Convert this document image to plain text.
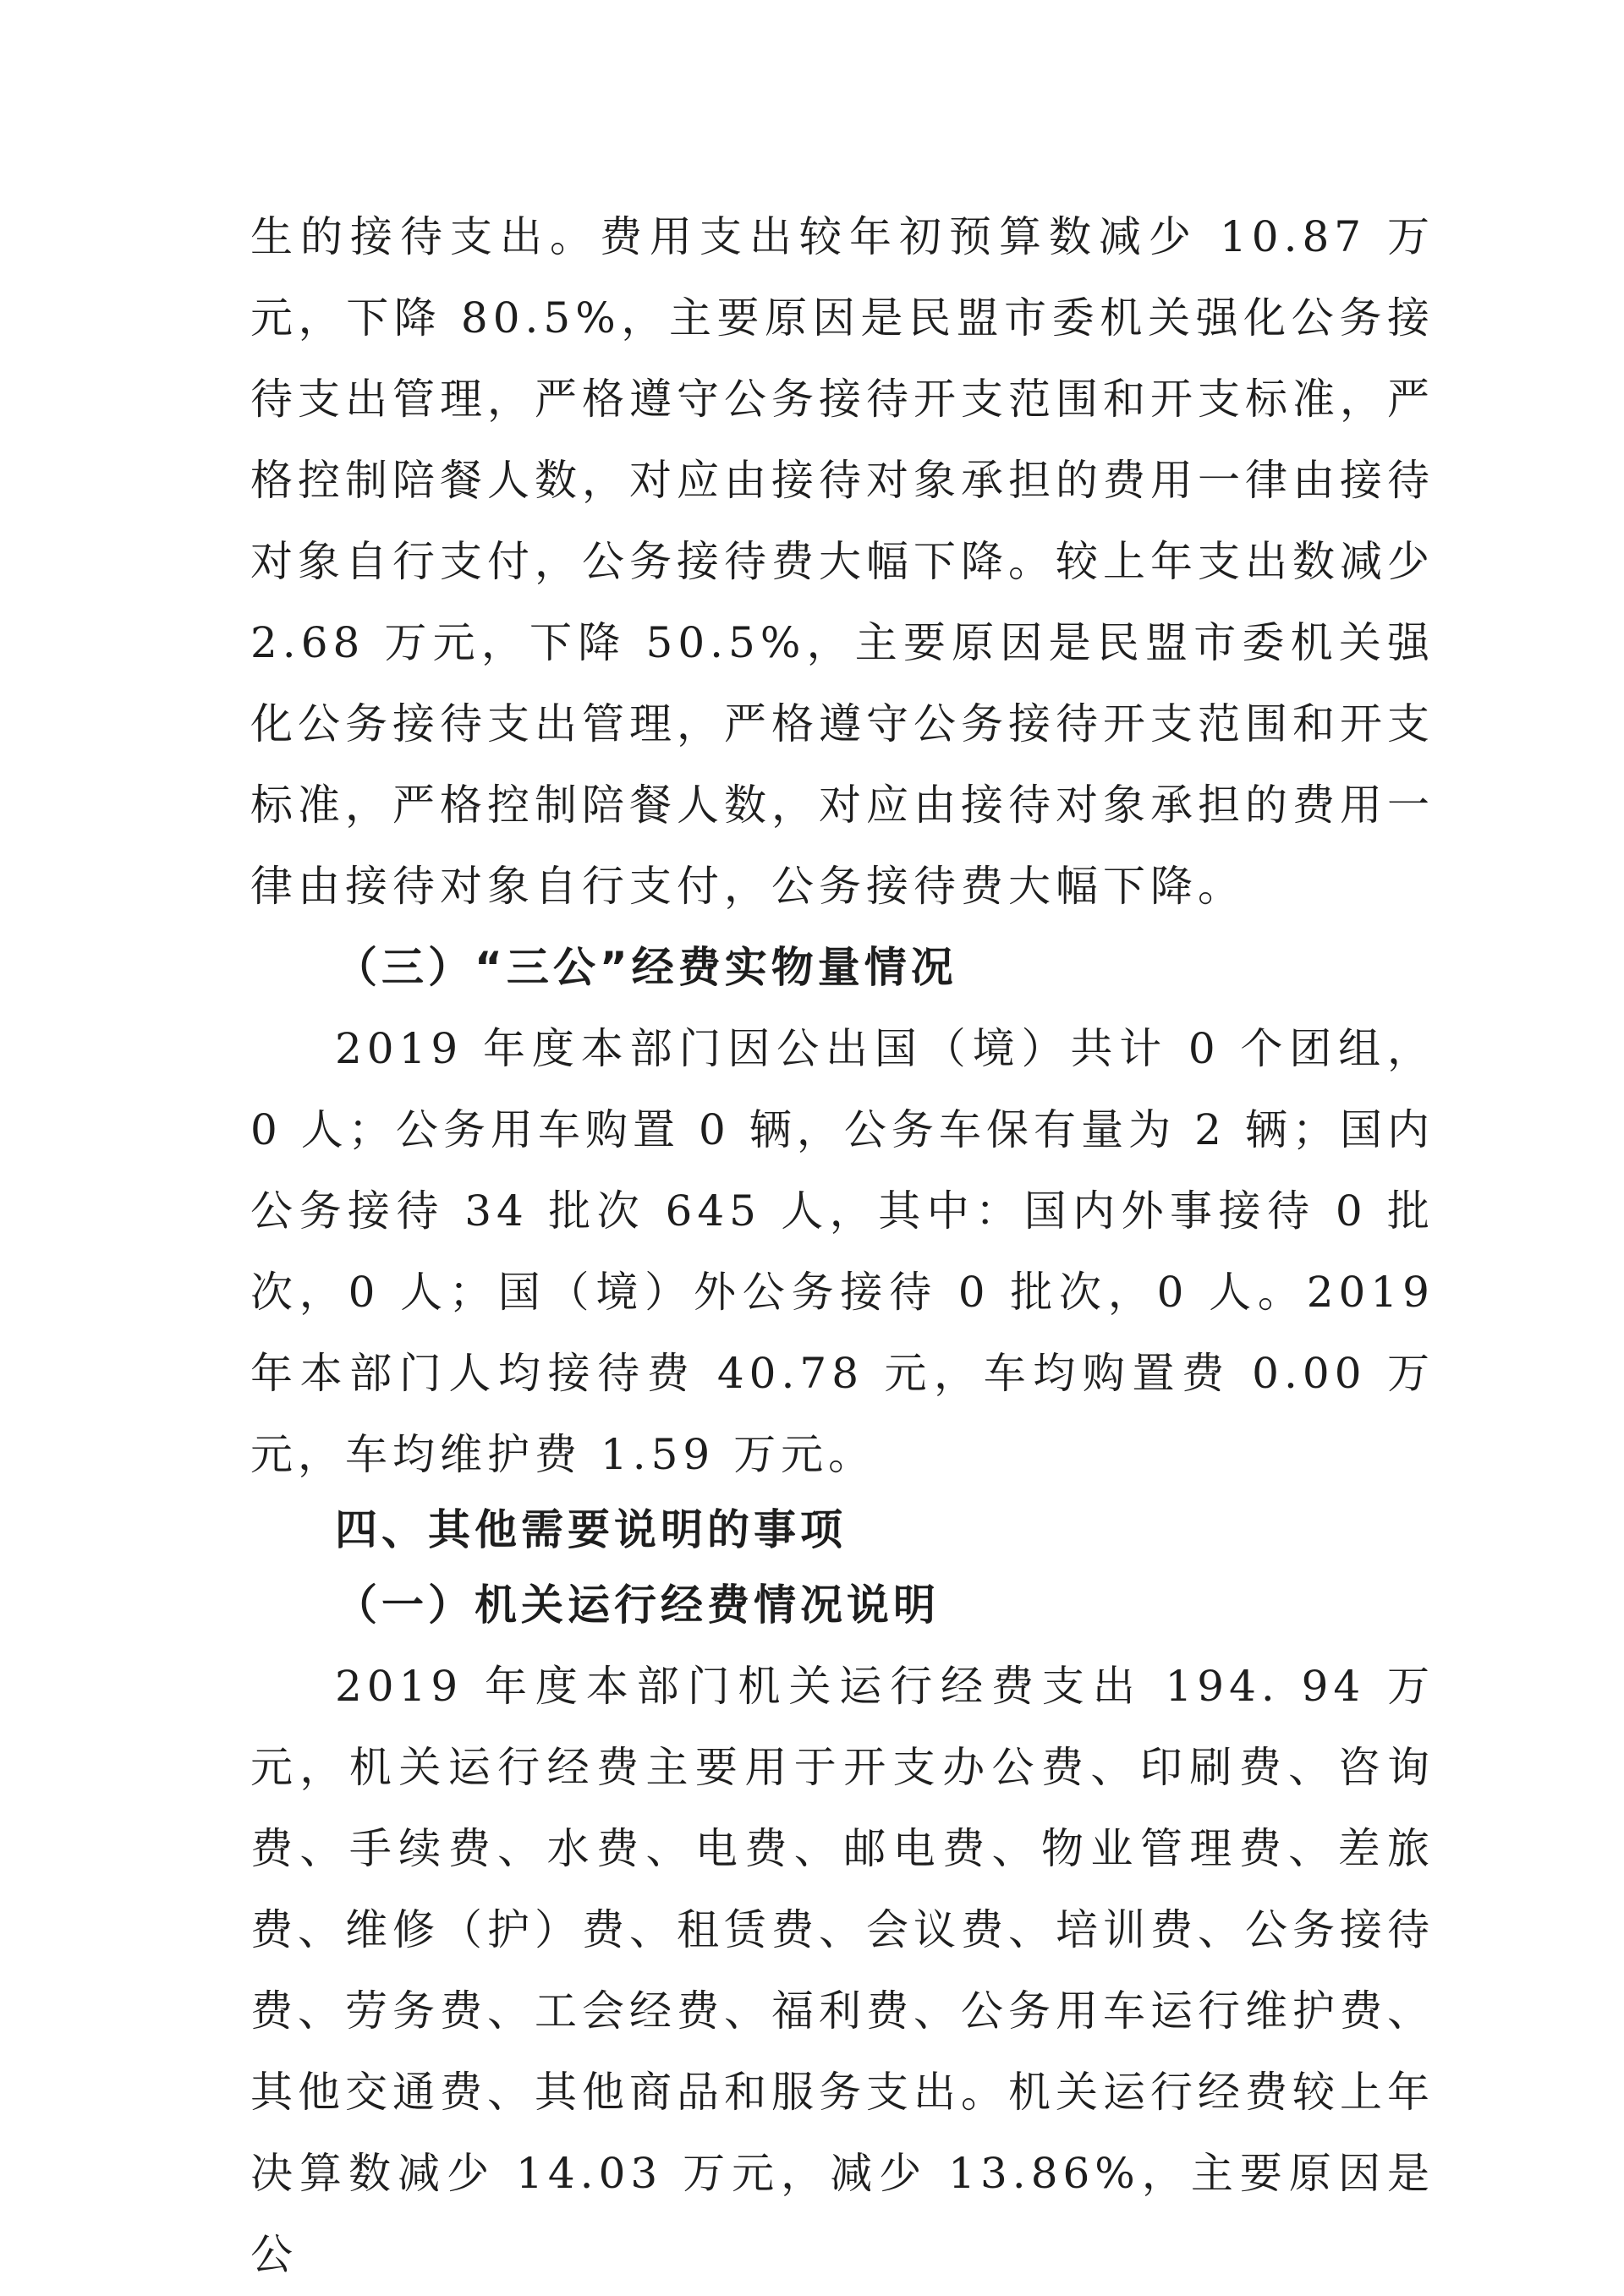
生的接待支出。费用支出较年初预算数减少 10.87 万元，下降 80.5%，主要原因是民盟市委机关强化公务接待支出管理，严格遵守公务接待开支范围和开支标准，严格控制陪餐人数，对应由接待对象承担的费用一律由接待对象自行支付，公务接待费大幅下降。较上年支出数减少 2.68 万元，下降 50.5%，主要原因是民盟市委机关强化公务接待支出管理，严格遵守公务接待开支范围和开支标准，严格控制陪餐人数，对应由接待对象承担的费用一律由接待对象自行支付，公务接待费大幅下降。

（三）“三公”经费实物量情况

2019 年度本部门因公出国（境）共计 0 个团组，0 人；公务用车购置 0 辆，公务车保有量为 2 辆；国内公务接待 34 批次 645 人，其中：国内外事接待 0 批次，0 人；国（境）外公务接待 0 批次，0 人。2019 年本部门人均接待费 40.78 元，车均购置费 0.00 万元，车均维护费 1.59 万元。

四、其他需要说明的事项

（一）机关运行经费情况说明

2019 年度本部门机关运行经费支出 194. 94 万元，机关运行经费主要用于开支办公费、印刷费、咨询费、手续费、水费、电费、邮电费、物业管理费、差旅费、维修（护）费、租赁费、会议费、培训费、公务接待费、劳务费、工会经费、福利费、公务用车运行维护费、其他交通费、其他商品和服务支出。机关运行经费较上年决算数减少 14.03 万元，减少 13.86%，主要原因是公
